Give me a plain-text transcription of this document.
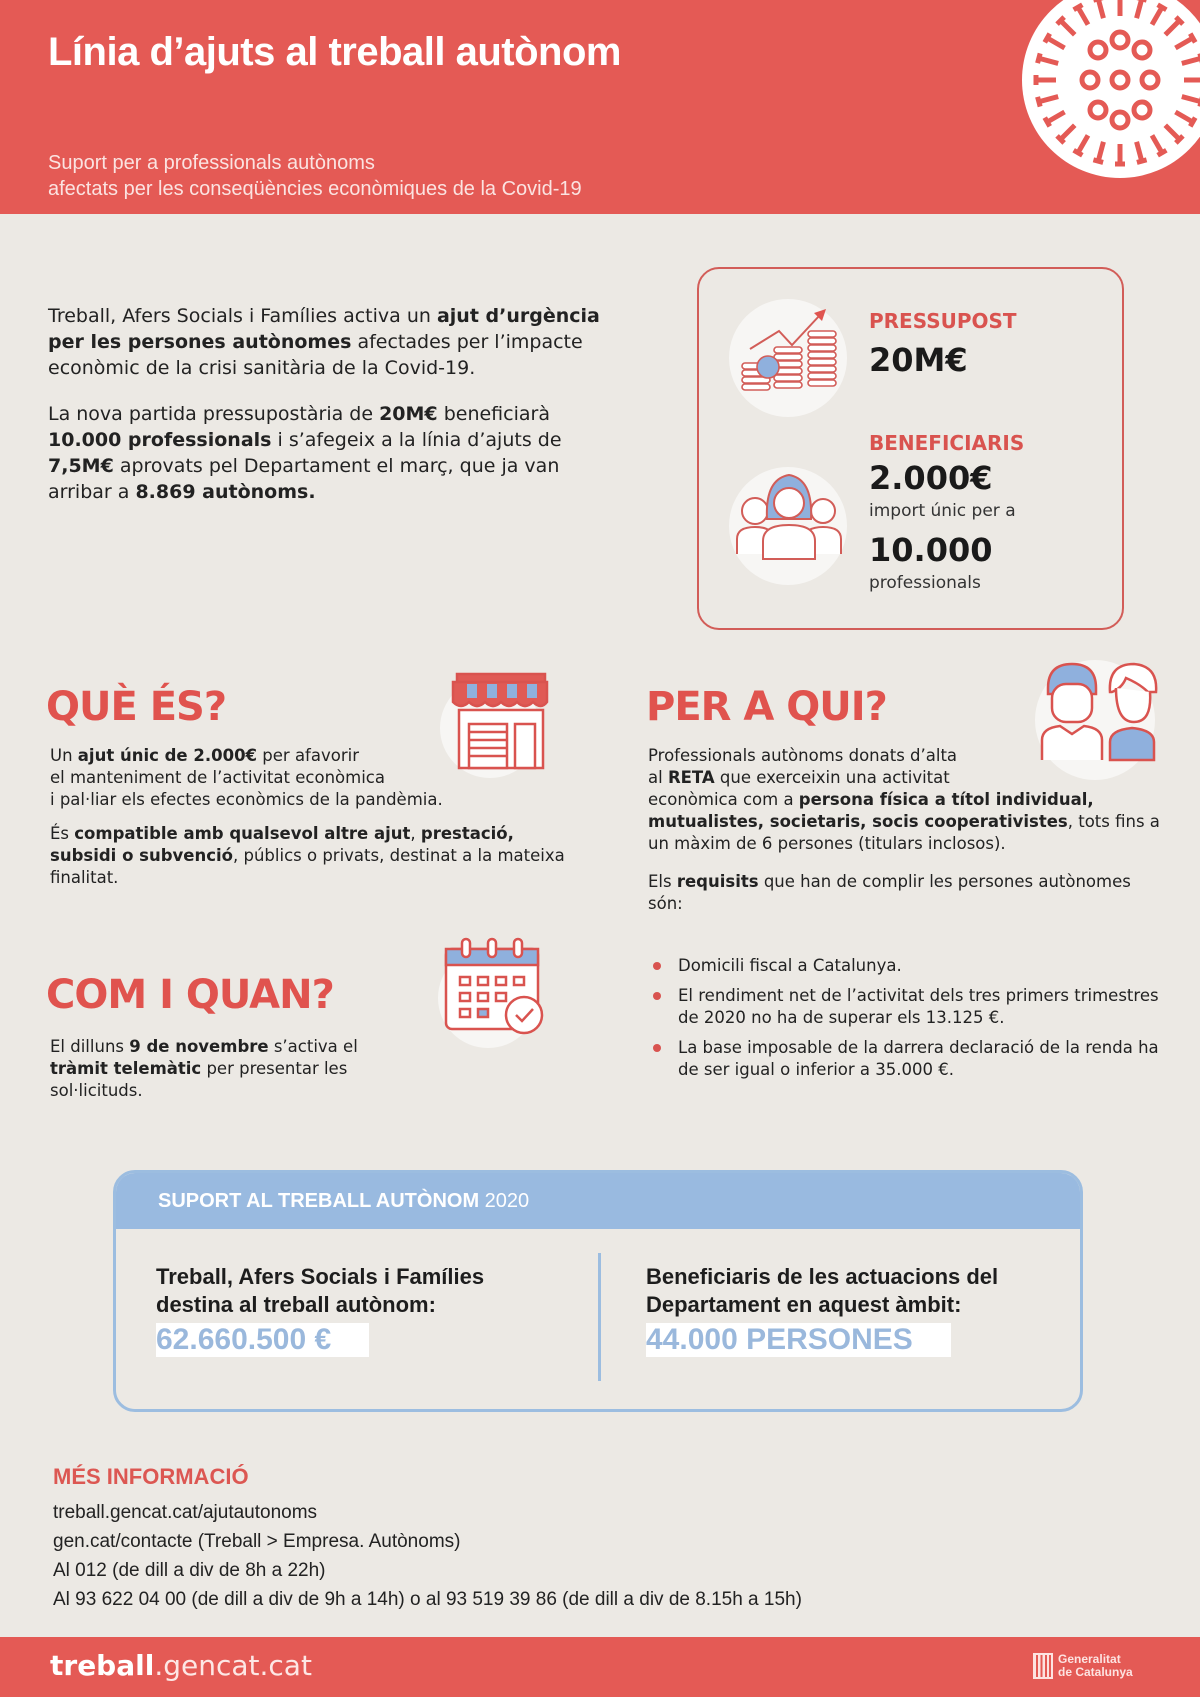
Línia d’ajuts al treball autònom
Suport per a professionals autònoms
afectats per les conseqüències econòmiques de la Covid-19

Treball, Afers Socials i Famílies activa un ajut d’urgència per les persones autònomes afectades per l’impacte econòmic de la crisi sanitària de la Covid-19.

La nova partida pressupostària de 20M€ beneficiarà 10.000 professionals i s’afegeix a la línia d’ajuts de 7,5M€ aprovats pel Departament el març, que ja van arribar a 8.869 autònoms.

PRESSUPOST
20M€
BENEFICIARIS
2.000€
import únic per a
10.000
professionals
QUÈ ÉS?

Un ajut únic de 2.000€ per afavorir
el manteniment de l’activitat econòmica
i pal·liar els efectes econòmics de la pandèmia.

És compatible amb qualsevol altre ajut, prestació, subsidi o subvenció, públics o privats, destinat a la mateixa finalitat.

COM I QUAN?

El dilluns 9 de novembre s’activa el tràmit telemàtic per presentar les sol·licituds.

PER A QUI?

Professionals autònoms donats d’alta
al RETA que exerceixin una activitat
econòmica com a persona física a títol individual, mutualistes, societaris, socis cooperativistes, tots fins a un màxim de 6 persones (titulars inclosos).

Els requisits que han de complir les persones autònomes són:

Domicili fiscal a Catalunya.
El rendiment net de l’activitat dels tres primers trimestres de 2020 no ha de superar els 13.125 €.
La base imposable de la darrera declaració de la renda ha de ser igual o inferior a 35.000 €.
SUPORT AL TREBALL AUTÒNOM 2020
Treball, Afers Socials i Famílies
destina al treball autònom:
62.660.500 €
Beneficiaris de les actuacions del
Departament en aquest àmbit:
44.000 PERSONES
MÉS INFORMACIÓ
treball.gencat.cat/ajutautonoms
gen.cat/contacte (Treball > Empresa. Autònoms)
Al 012 (de dill a div de 8h a 22h)
Al 93 622 04 00 (de dill a div de 9h a 14h) o al 93 519 39 86 (de dill a div de 8.15h a 15h)
treball.gencat.cat	Generalitat
de Catalunya
